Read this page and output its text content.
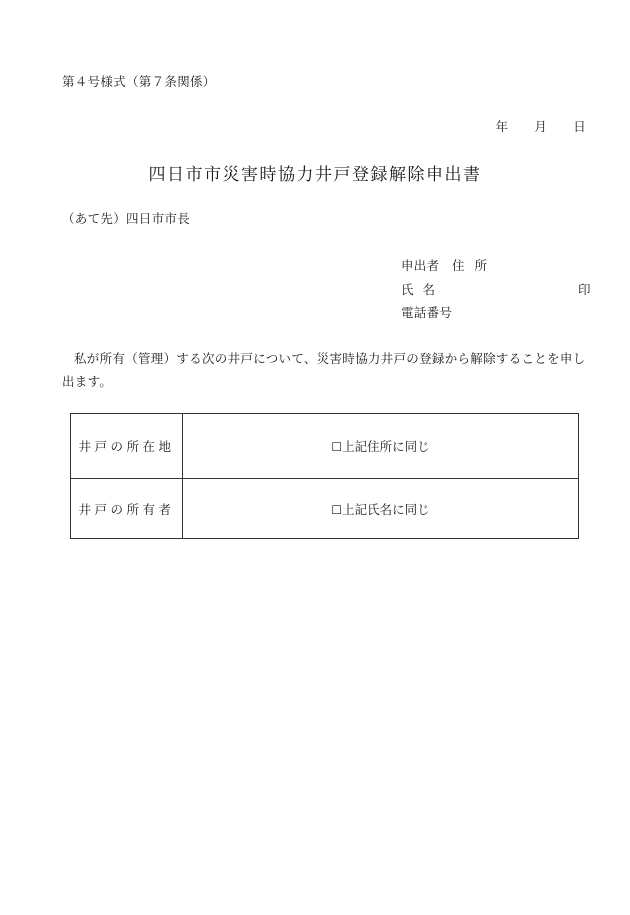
第４号様式（第７条関係）
年 月 日
四日市市災害時協力井戸登録解除申出書
（あて先）四日市市長
申出者 住所
氏名	印
電話番号
私が所有（管理）する次の井戸について、災害時協力井戸の登録から解除することを申し出ます。
井戸の所在地	☐上記住所に同じ
井戸の所有者	☐上記氏名に同じ
